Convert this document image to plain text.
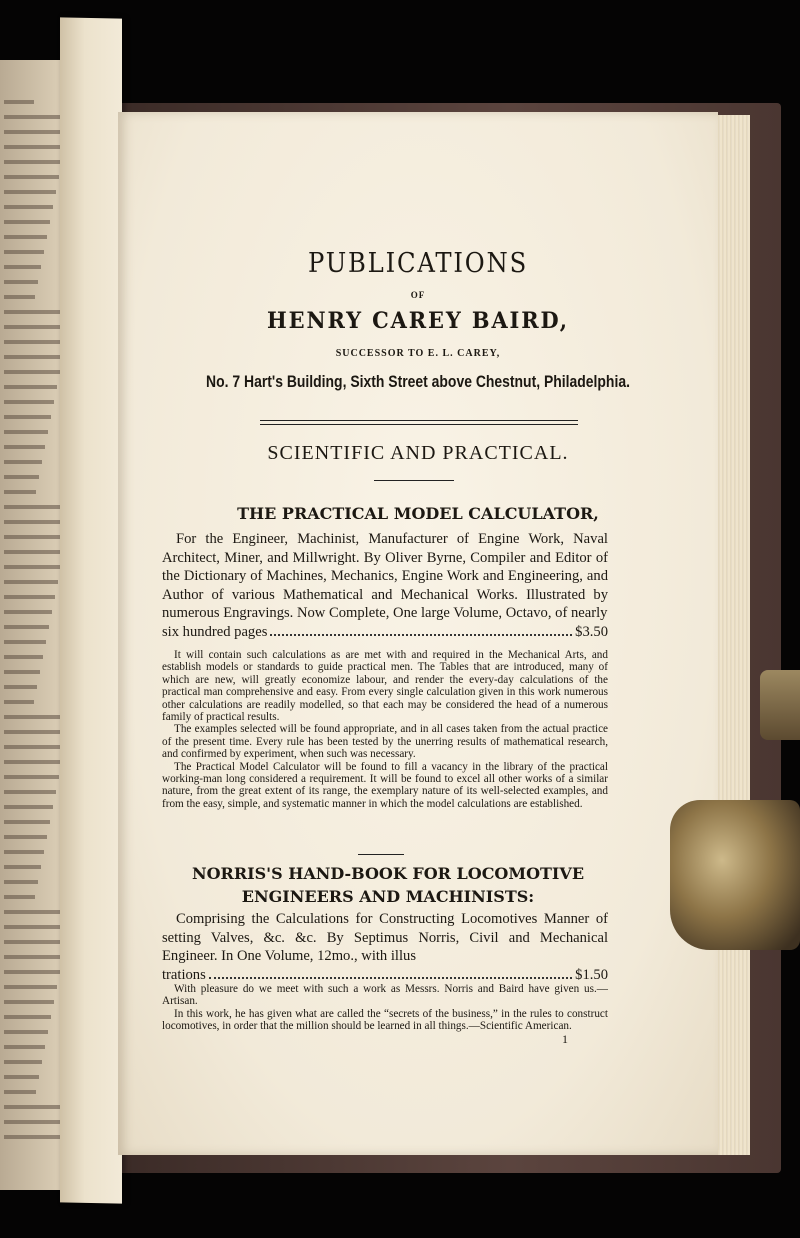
PUBLICATIONS
OF
HENRY CAREY BAIRD,
SUCCESSOR TO E. L. CAREY,
No. 7 Hart's Building, Sixth Street above Chestnut, Philadelphia.
SCIENTIFIC AND PRACTICAL.
THE PRACTICAL MODEL CALCULATOR,
For the Engineer, Machinist, Manufacturer of Engine Work, Naval Architect, Miner, and Millwright. By Oliver Byrne, Compiler and Editor of the Dictionary of Machines, Mechanics, Engine Work and Engineering, and Author of various Mathematical and Mechanical Works. Illustrated by numerous Engravings. Now Complete, One large Volume, Octavo, of nearly
six hundred pages	$3.50

It will contain such calculations as are met with and required in the Mechanical Arts, and establish models or standards to guide practical men. The Tables that are introduced, many of which are new, will greatly economize labour, and render the every-day calculations of the practical man comprehensive and easy. From every single calculation given in this work numerous other calculations are readily modelled, so that each may be considered the head of a numerous family of practical results.

The examples selected will be found appropriate, and in all cases taken from the actual practice of the present time. Every rule has been tested by the unerring results of mathematical research, and confirmed by experiment, when such was necessary.

The Practical Model Calculator will be found to fill a vacancy in the library of the practical working-man long considered a requirement. It will be found to excel all other works of a similar nature, from the great extent of its range, the exemplary nature of its well-selected examples, and from the easy, simple, and systematic manner in which the model calculations are established.

NORRIS'S HAND-BOOK FOR LOCOMOTIVE ENGINEERS AND MACHINISTS:
Comprising the Calculations for Constructing Locomotives Manner of setting Valves, &c. &c. By Septimus Norris, Civil and Mechanical Engineer. In One Volume, 12mo., with illus
trations	$1.50

With pleasure do we meet with such a work as Messrs. Norris and Baird have given us.—Artisan.

In this work, he has given what are called the “secrets of the business,” in the rules to construct locomotives, in order that the million should be learned in all things.—Scientific American.

1
